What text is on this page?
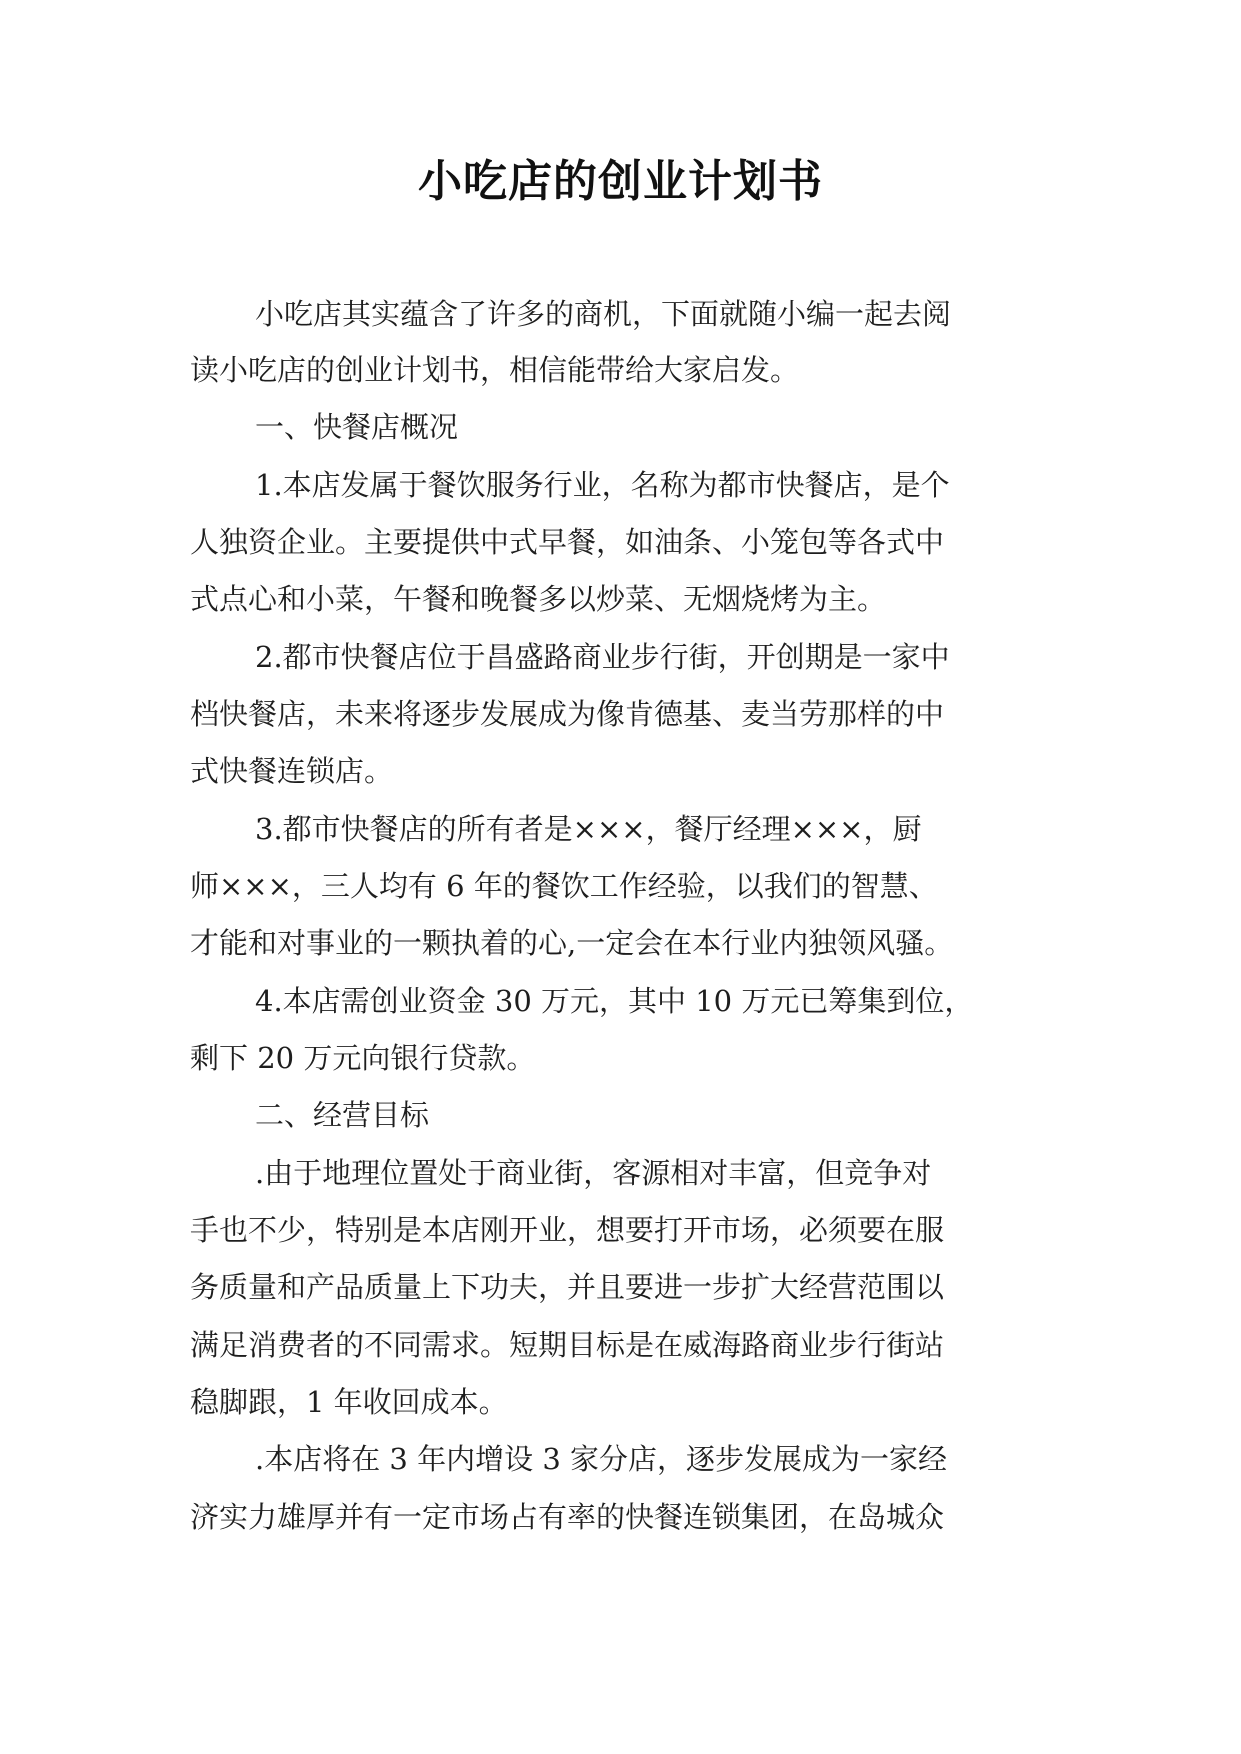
小吃店的创业计划书
小吃店其实蕴含了许多的商机，下面就随小编一起去阅
读小吃店的创业计划书，相信能带给大家启发。
一、快餐店概况
1.本店发属于餐饮服务行业，名称为都市快餐店，是个
人独资企业。主要提供中式早餐，如油条、小笼包等各式中
式点心和小菜，午餐和晚餐多以炒菜、无烟烧烤为主。
2.都市快餐店位于昌盛路商业步行街，开创期是一家中
档快餐店，未来将逐步发展成为像肯德基、麦当劳那样的中
式快餐连锁店。
3.都市快餐店的所有者是×××，餐厅经理×××，厨
师×××，三人均有 6 年的餐饮工作经验，以我们的智慧、
才能和对事业的一颗执着的心,一定会在本行业内独领风骚。
4.本店需创业资金 30 万元，其中 10 万元已筹集到位，
剩下 20 万元向银行贷款。
二、经营目标
.由于地理位置处于商业街，客源相对丰富，但竞争对
手也不少，特别是本店刚开业，想要打开市场，必须要在服
务质量和产品质量上下功夫，并且要进一步扩大经营范围以
满足消费者的不同需求。短期目标是在威海路商业步行街站
稳脚跟，1 年收回成本。
.本店将在 3 年内增设 3 家分店，逐步发展成为一家经
济实力雄厚并有一定市场占有率的快餐连锁集团，在岛城众
